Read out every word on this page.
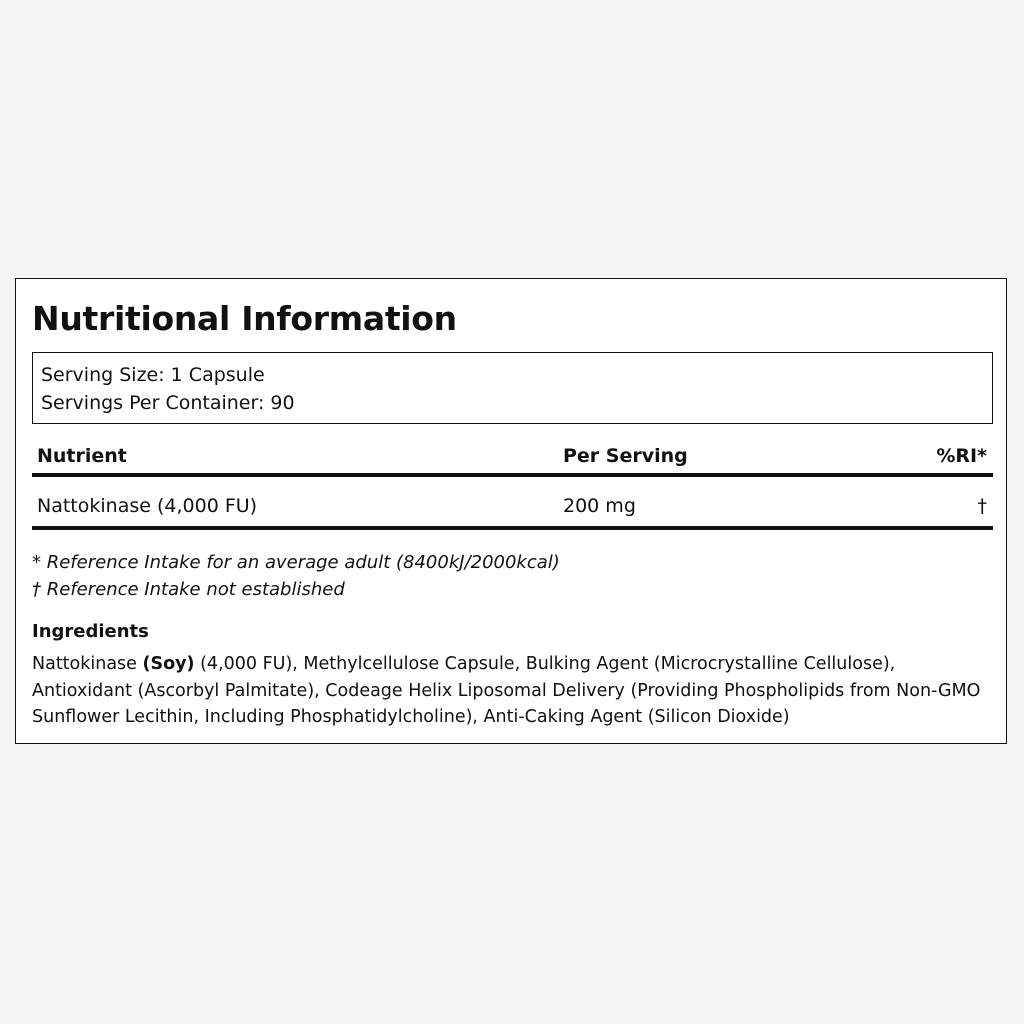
Nutritional Information
Serving Size: 1 Capsule
Servings Per Container: 90
Nutrient	Per Serving	%RI*
Nattokinase (4,000 FU)	200 mg	†
* Reference Intake for an average adult (8400kJ/2000kcal)
† Reference Intake not established
Ingredients
Nattokinase (Soy) (4,000 FU), Methylcellulose Capsule, Bulking Agent (Microcrystalline Cellulose), Antioxidant (Ascorbyl Palmitate), Codeage Helix Liposomal Delivery (Providing Phospholipids from Non-GMO Sunflower Lecithin, Including Phosphatidylcholine), Anti-Caking Agent (Silicon Dioxide)
